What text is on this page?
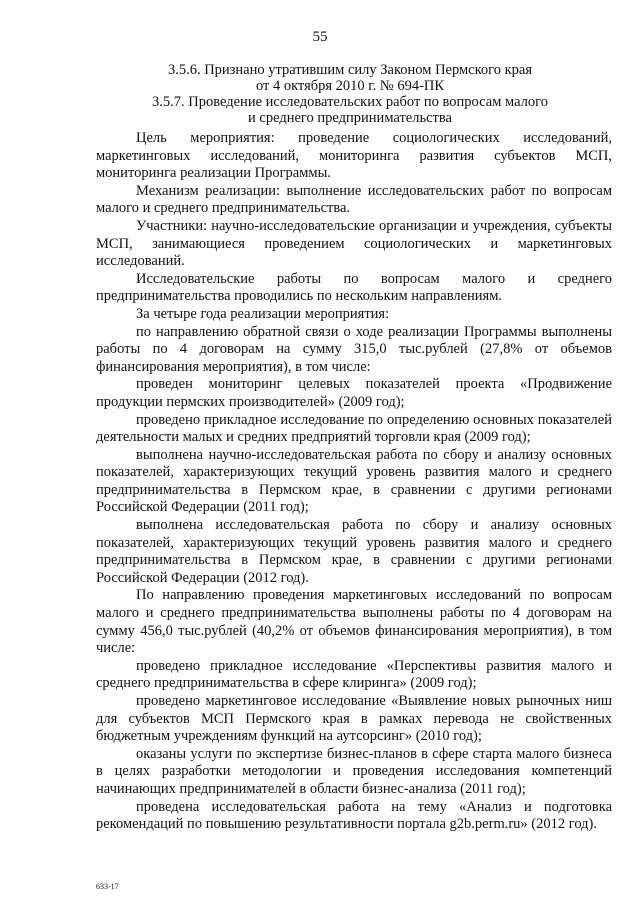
55
3.5.6. Признано утратившим силу Законом Пермского края
от 4 октября 2010 г. № 694-ПК
3.5.7. Проведение исследовательских работ по вопросам малого
и среднего предпринимательства

Цель мероприятия: проведение социологических исследований, маркетинговых исследований, мониторинга развития субъектов МСП, мониторинга реализации Программы.

Механизм реализации: выполнение исследовательских работ по вопросам малого и среднего предпринимательства.

Участники: научно-исследовательские организации и учреждения, субъекты МСП, занимающиеся проведением социологических и маркетинговых исследований.

Исследовательские работы по вопросам малого и среднего предпринимательства проводились по нескольким направлениям.

За четыре года реализации мероприятия:

по направлению обратной связи о ходе реализации Программы выполнены работы по 4 договорам на сумму 315,0 тыс.рублей (27,8% от объемов финансирования мероприятия), в том числе:

проведен мониторинг целевых показателей проекта «Продвижение продукции пермских производителей» (2009 год);

проведено прикладное исследование по определению основных показателей деятельности малых и средних предприятий торговли края (2009 год);

выполнена научно-исследовательская работа по сбору и анализу основных показателей, характеризующих текущий уровень развития малого и среднего предпринимательства в Пермском крае, в сравнении с другими регионами Российской Федерации (2011 год);

выполнена исследовательская работа по сбору и анализу основных показателей, характеризующих текущий уровень развития малого и среднего предпринимательства в Пермском крае, в сравнении с другими регионами Российской Федерации (2012 год).

По направлению проведения маркетинговых исследований по вопросам малого и среднего предпринимательства выполнены работы по 4 договорам на сумму 456,0 тыс.рублей (40,2% от объемов финансирования мероприятия), в том числе:

проведено прикладное исследование «Перспективы развития малого и среднего предпринимательства в сфере клиринга» (2009 год);

проведено маркетинговое исследование «Выявление новых рыночных ниш для субъектов МСП Пермского края в рамках перевода не свойственных бюджетным учреждениям функций на аутсорсинг» (2010 год);

оказаны услуги по экспертизе бизнес-планов в сфере старта малого бизнеса в целях разработки методологии и проведения исследования компетенций начинающих предпринимателей в области бизнес-анализа (2011 год);

проведена исследовательская работа на тему «Анализ и подготовка рекомендаций по повышению результативности портала g2b.perm.ru» (2012 год).

633-17
